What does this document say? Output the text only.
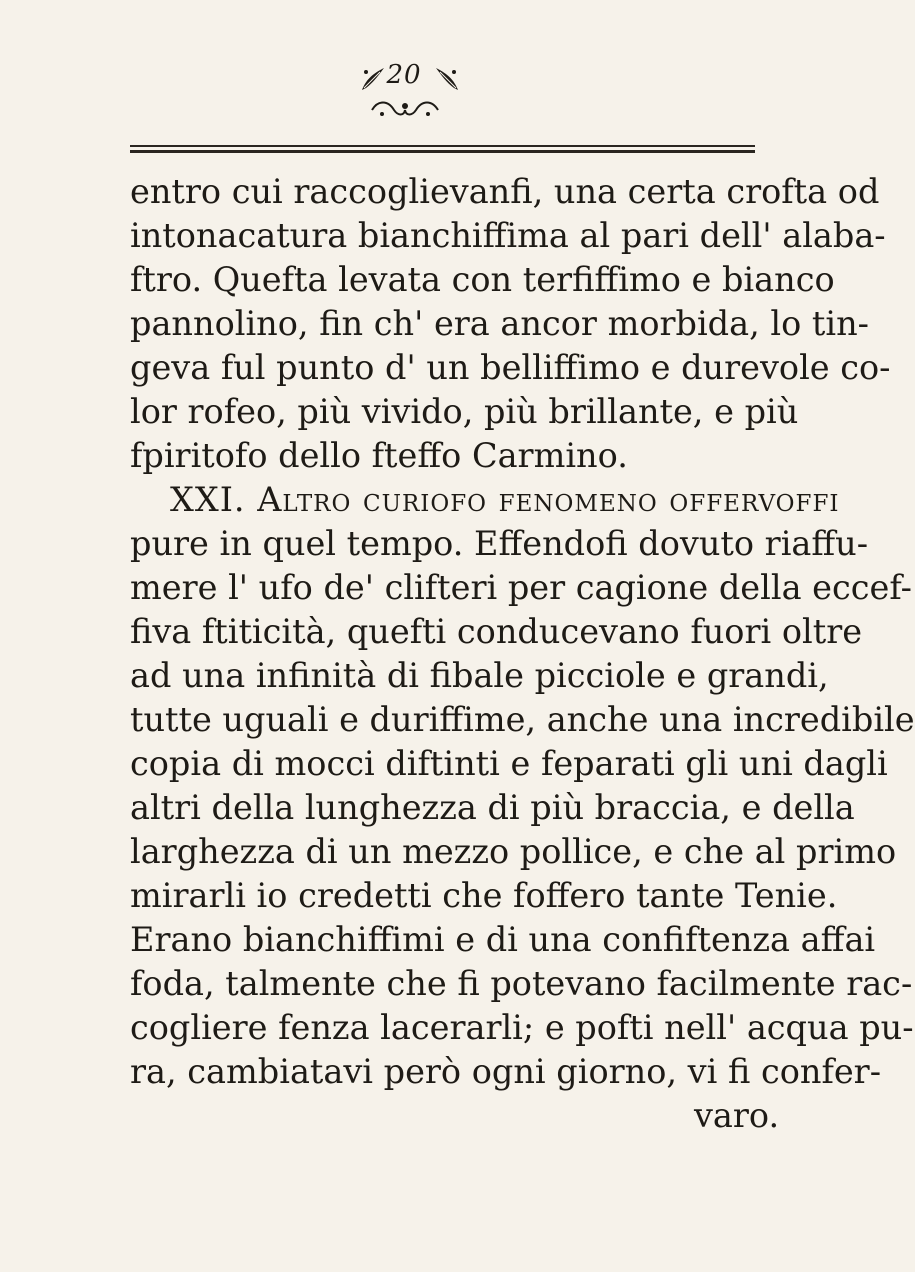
20
entro cui raccoglievanfi, una certa crofta od
intonacatura bianchiffima al pari dell' alaba-
ftro. Quefta levata con terfiffimo e bianco
pannolino, fin ch' era ancor morbida, lo tin-
geva ful punto d' un belliffimo e durevole co-
lor rofeo, più vivido, più brillante, e più
fpiritofo dello fteffo Carmino.
XXI. Altro curiofo fenomeno offervoffi
pure in quel tempo. Effendofi dovuto riaffu-
mere l' ufo de' clifteri per cagione della eccef-
fiva ftiticità, quefti conducevano fuori oltre
ad una infinità di fibale picciole e grandi,
tutte uguali e duriffime, anche una incredibile
copia di mocci diftinti e feparati gli uni dagli
altri della lunghezza di più braccia, e della
larghezza di un mezzo pollice, e che al primo
mirarli io credetti che foffero tante Tenie.
Erano bianchiffimi e di una confiftenza affai
foda, talmente che fi potevano facilmente rac-
cogliere fenza lacerarli; e pofti nell' acqua pu-
ra, cambiatavi però ogni giorno, vi fi confer-
varo.
